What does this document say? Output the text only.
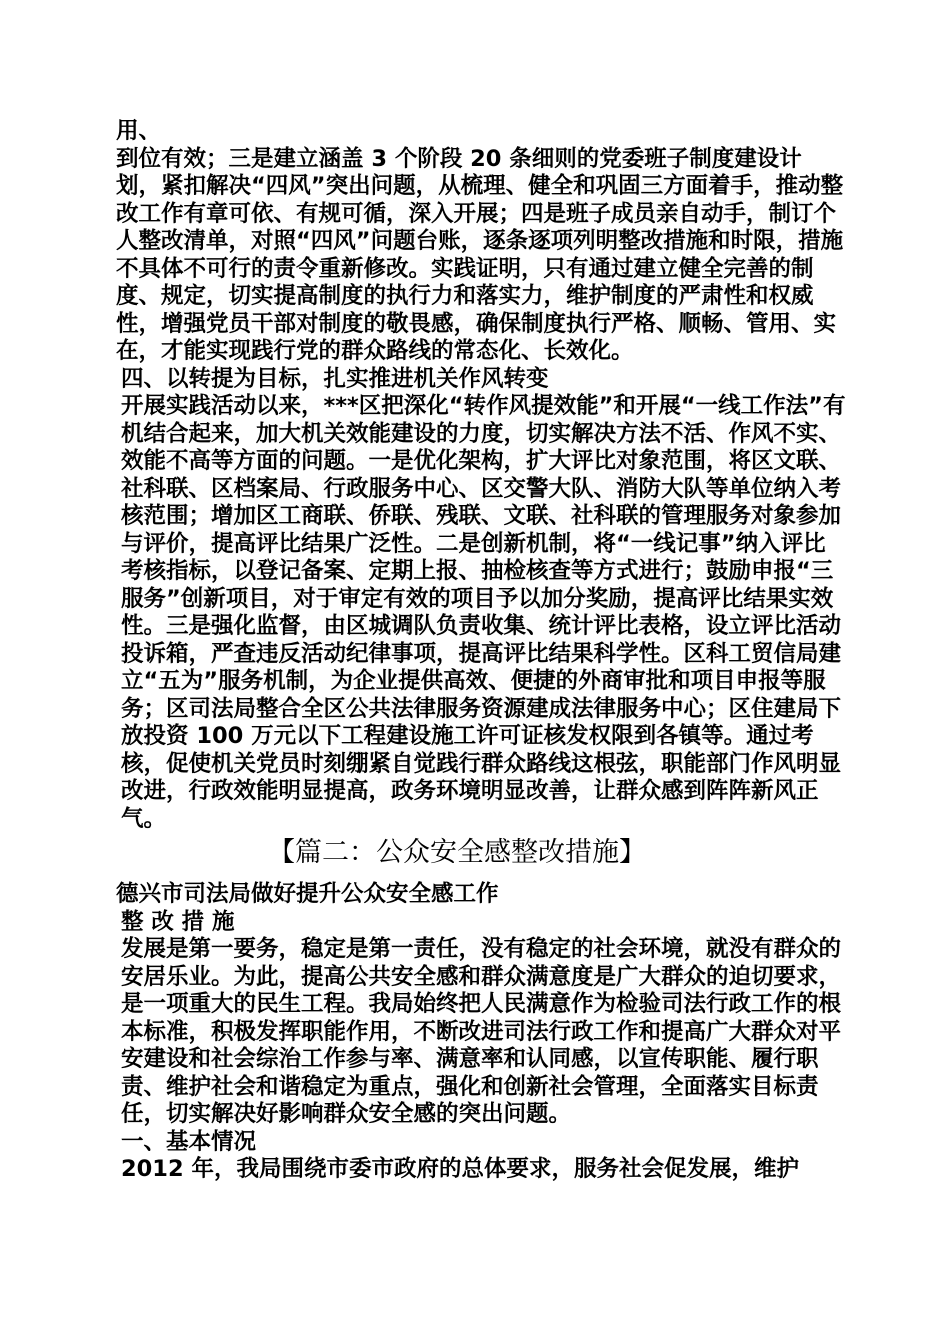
用、

到位有效；三是建立涵盖 3 个阶段 20 条细则的党委班子制度建设计划，紧扣解决“四风”突出问题，从梳理、健全和巩固三方面着手，推动整改工作有章可依、有规可循，深入开展；四是班子成员亲自动手，制订个人整改清单，对照“四风”问题台账，逐条逐项列明整改措施和时限，措施不具体不可行的责令重新修改。实践证明，只有通过建立健全完善的制度、规定，切实提高制度的执行力和落实力，维护制度的严肃性和权威性，增强党员干部对制度的敬畏感，确保制度执行严格、顺畅、管用、实在，才能实现践行党的群众路线的常态化、长效化。

四、以转提为目标，扎实推进机关作风转变

开展实践活动以来，***区把深化“转作风提效能”和开展“一线工作法”有机结合起来，加大机关效能建设的力度，切实解决方法不活、作风不实、效能不高等方面的问题。一是优化架构，扩大评比对象范围，将区文联、社科联、区档案局、行政服务中心、区交警大队、消防大队等单位纳入考核范围；增加区工商联、侨联、残联、文联、社科联的管理服务对象参加与评价，提高评比结果广泛性。二是创新机制，将“一线记事”纳入评比考核指标，以登记备案、定期上报、抽检核查等方式进行；鼓励申报“三服务”创新项目，对于审定有效的项目予以加分奖励，提高评比结果实效性。三是强化监督，由区城调队负责收集、统计评比表格，设立评比活动投诉箱，严查违反活动纪律事项，提高评比结果科学性。区科工贸信局建立“五为”服务机制，为企业提供高效、便捷的外商审批和项目申报等服务；区司法局整合全区公共法律服务资源建成法律服务中心；区住建局下放投资 100 万元以下工程建设施工许可证核发权限到各镇等。通过考核，促使机关党员时刻绷紧自觉践行群众路线这根弦，职能部门作风明显改进，行政效能明显提高，政务环境明显改善，让群众感到阵阵新风正气。

【篇二：公众安全感整改措施】

德兴市司法局做好提升公众安全感工作

整 改 措 施

发展是第一要务，稳定是第一责任，没有稳定的社会环境，就没有群众的安居乐业。为此，提高公共安全感和群众满意度是广大群众的迫切要求，是一项重大的民生工程。我局始终把人民满意作为检验司法行政工作的根本标准，积极发挥职能作用，不断改进司法行政工作和提高广大群众对平安建设和社会综治工作参与率、满意率和认同感，以宣传职能、履行职责、维护社会和谐稳定为重点，强化和创新社会管理，全面落实目标责任，切实解决好影响群众安全感的突出问题。

一、基本情况

2012 年，我局围绕市委市政府的总体要求，服务社会促发展，维护
